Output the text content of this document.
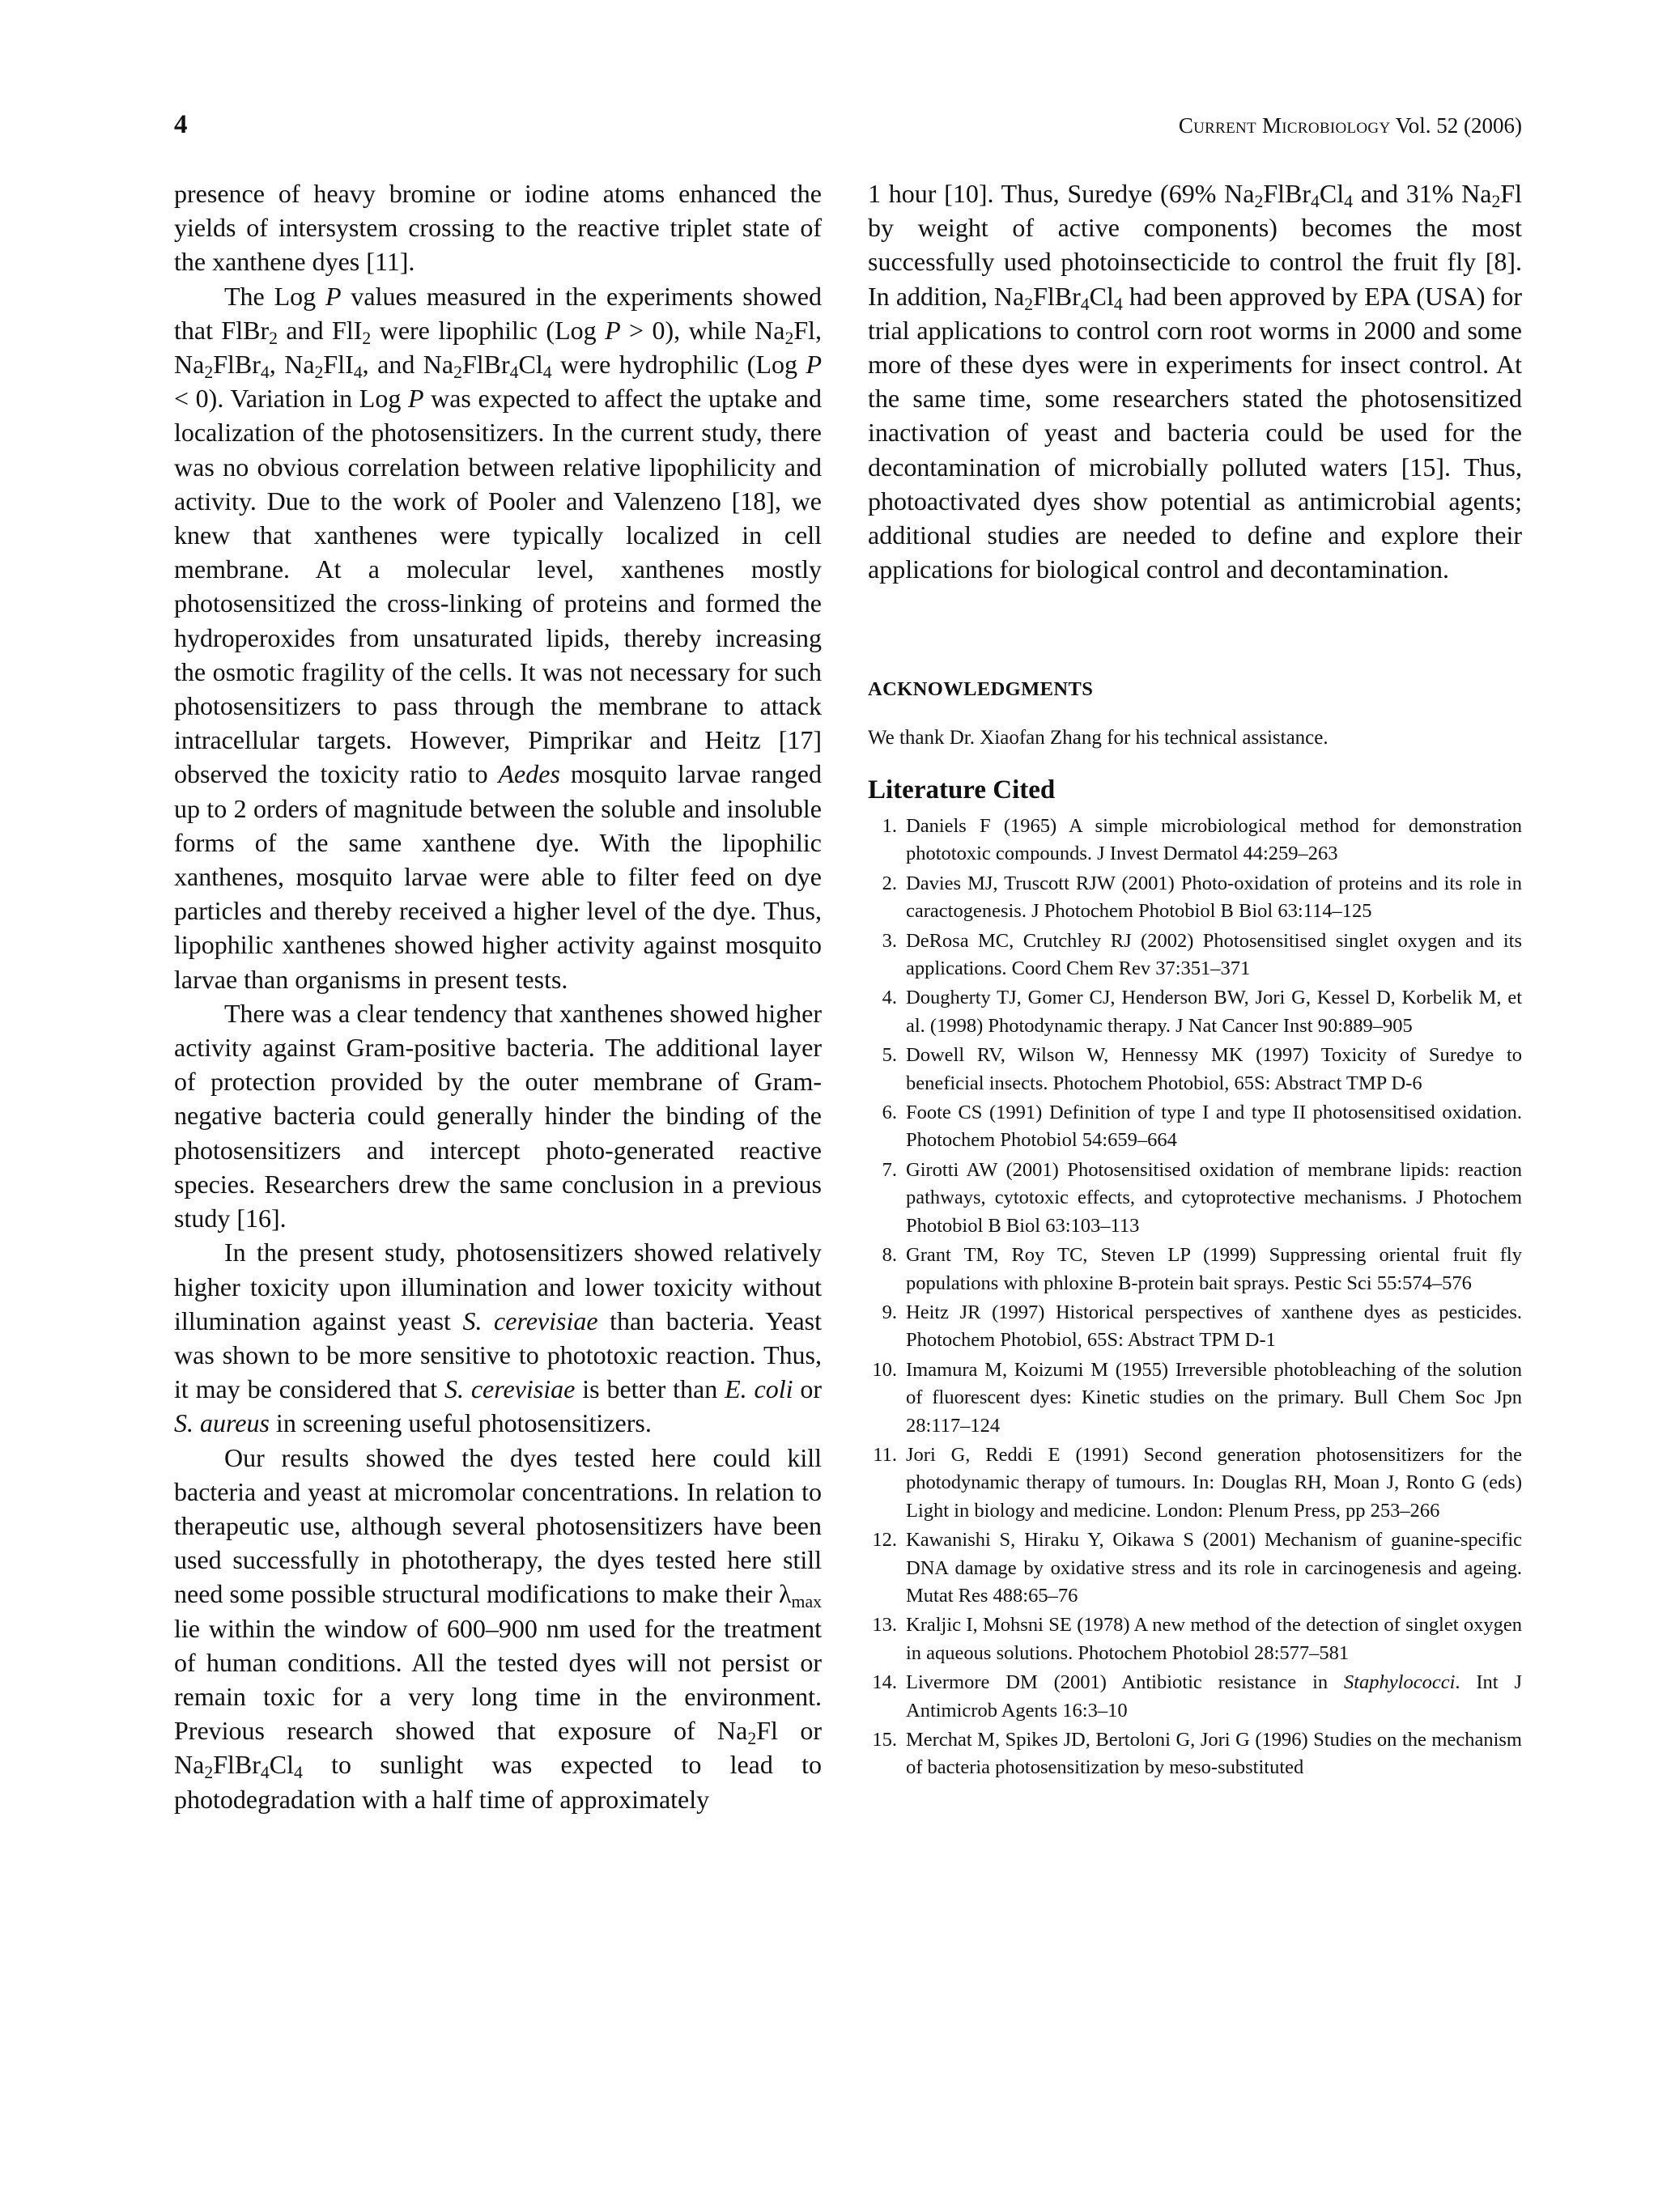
4	Current Microbiology Vol. 52 (2006)

presence of heavy bromine or iodine atoms enhanced the yields of intersystem crossing to the reactive triplet state of the xanthene dyes [11].

The Log P values measured in the experiments showed that FlBr$_2$ and FlI$_2$ were lipophilic (Log P > 0), while $Na_2Fl$, $Na_2FlBr_4$, $Na_2FlI_4$, and $Na_2FlBr_4Cl_4$ were hydrophilic (Log P < 0). Variation in Log P was expected to affect the uptake and localization of the photosensitizers. In the current study, there was no obvious correlation between relative lipophilicity and activity. Due to the work of Pooler and Valenzeno [18], we knew that xanthenes were typically localized in cell membrane. At a molecular level, xanthenes mostly photosensitized the cross-linking of proteins and formed the hydroperoxides from unsaturated lipids, thereby increasing the osmotic fragility of the cells. It was not necessary for such photosensitizers to pass through the membrane to attack intracellular targets. However, Pimprikar and Heitz [17] observed the toxicity ratio to Aedes mosquito larvae ranged up to 2 orders of magnitude between the soluble and insoluble forms of the same xanthene dye. With the lipophilic xanthenes, mosquito larvae were able to filter feed on dye particles and thereby received a higher level of the dye. Thus, lipophilic xanthenes showed higher activity against mosquito larvae than organisms in present tests.

There was a clear tendency that xanthenes showed higher activity against Gram-positive bacteria. The additional layer of protection provided by the outer membrane of Gram-negative bacteria could generally hinder the binding of the photosensitizers and intercept photo-generated reactive species. Researchers drew the same conclusion in a previous study [16].

In the present study, photosensitizers showed relatively higher toxicity upon illumination and lower toxicity without illumination against yeast S. cerevisiae than bacteria. Yeast was shown to be more sensitive to phototoxic reaction. Thus, it may be considered that S. cerevisiae is better than E. coli or S. aureus in screening useful photosensitizers.

Our results showed the dyes tested here could kill bacteria and yeast at micromolar concentrations. In relation to therapeutic use, although several photosensitizers have been used successfully in phototherapy, the dyes tested here still need some possible structural modifications to make their $\lambda_{max}$ lie within the window of 600–900 nm used for the treatment of human conditions. All the tested dyes will not persist or remain toxic for a very long time in the environment. Previous research showed that exposure of $Na_2Fl$ or $Na_2FlBr_4Cl_4$ to sunlight was expected to lead to photodegradation with a half time of approximately

1 hour [10]. Thus, Suredye (69% $Na_2FlBr_4Cl_4$ and 31% $Na_2Fl$ by weight of active components) becomes the most successfully used photoinsecticide to control the fruit fly [8]. In addition, $Na_2FlBr_4Cl_4$ had been approved by EPA (USA) for trial applications to control corn root worms in 2000 and some more of these dyes were in experiments for insect control. At the same time, some researchers stated the photosensitized inactivation of yeast and bacteria could be used for the decontamination of microbially polluted waters [15]. Thus, photoactivated dyes show potential as antimicrobial agents; additional studies are needed to define and explore their applications for biological control and decontamination.

ACKNOWLEDGMENTS
We thank Dr. Xiaofan Zhang for his technical assistance.
Literature Cited
1. Daniels F (1965) A simple microbiological method for demonstration phototoxic compounds. J Invest Dermatol 44:259–263
2. Davies MJ, Truscott RJW (2001) Photo-oxidation of proteins and its role in caractogenesis. J Photochem Photobiol B Biol 63:114–125
3. DeRosa MC, Crutchley RJ (2002) Photosensitised singlet oxygen and its applications. Coord Chem Rev 37:351–371
4. Dougherty TJ, Gomer CJ, Henderson BW, Jori G, Kessel D, Korbelik M, et al. (1998) Photodynamic therapy. J Nat Cancer Inst 90:889–905
5. Dowell RV, Wilson W, Hennessy MK (1997) Toxicity of Suredye to beneficial insects. Photochem Photobiol, 65S: Abstract TMP D-6
6. Foote CS (1991) Definition of type I and type II photosensitised oxidation. Photochem Photobiol 54:659–664
7. Girotti AW (2001) Photosensitised oxidation of membrane lipids: reaction pathways, cytotoxic effects, and cytoprotective mechanisms. J Photochem Photobiol B Biol 63:103–113
8. Grant TM, Roy TC, Steven LP (1999) Suppressing oriental fruit fly populations with phloxine B-protein bait sprays. Pestic Sci 55:574–576
9. Heitz JR (1997) Historical perspectives of xanthene dyes as pesticides. Photochem Photobiol, 65S: Abstract TPM D-1
10. Imamura M, Koizumi M (1955) Irreversible photobleaching of the solution of fluorescent dyes: Kinetic studies on the primary. Bull Chem Soc Jpn 28:117–124
11. Jori G, Reddi E (1991) Second generation photosensitizers for the photodynamic therapy of tumours. In: Douglas RH, Moan J, Ronto G (eds) Light in biology and medicine. London: Plenum Press, pp 253–266
12. Kawanishi S, Hiraku Y, Oikawa S (2001) Mechanism of guanine-specific DNA damage by oxidative stress and its role in carcinogenesis and ageing. Mutat Res 488:65–76
13. Kraljic I, Mohsni SE (1978) A new method of the detection of singlet oxygen in aqueous solutions. Photochem Photobiol 28:577–581
14. Livermore DM (2001) Antibiotic resistance in Staphylococci. Int J Antimicrob Agents 16:3–10
15. Merchat M, Spikes JD, Bertoloni G, Jori G (1996) Studies on the mechanism of bacteria photosensitization by meso-substituted
